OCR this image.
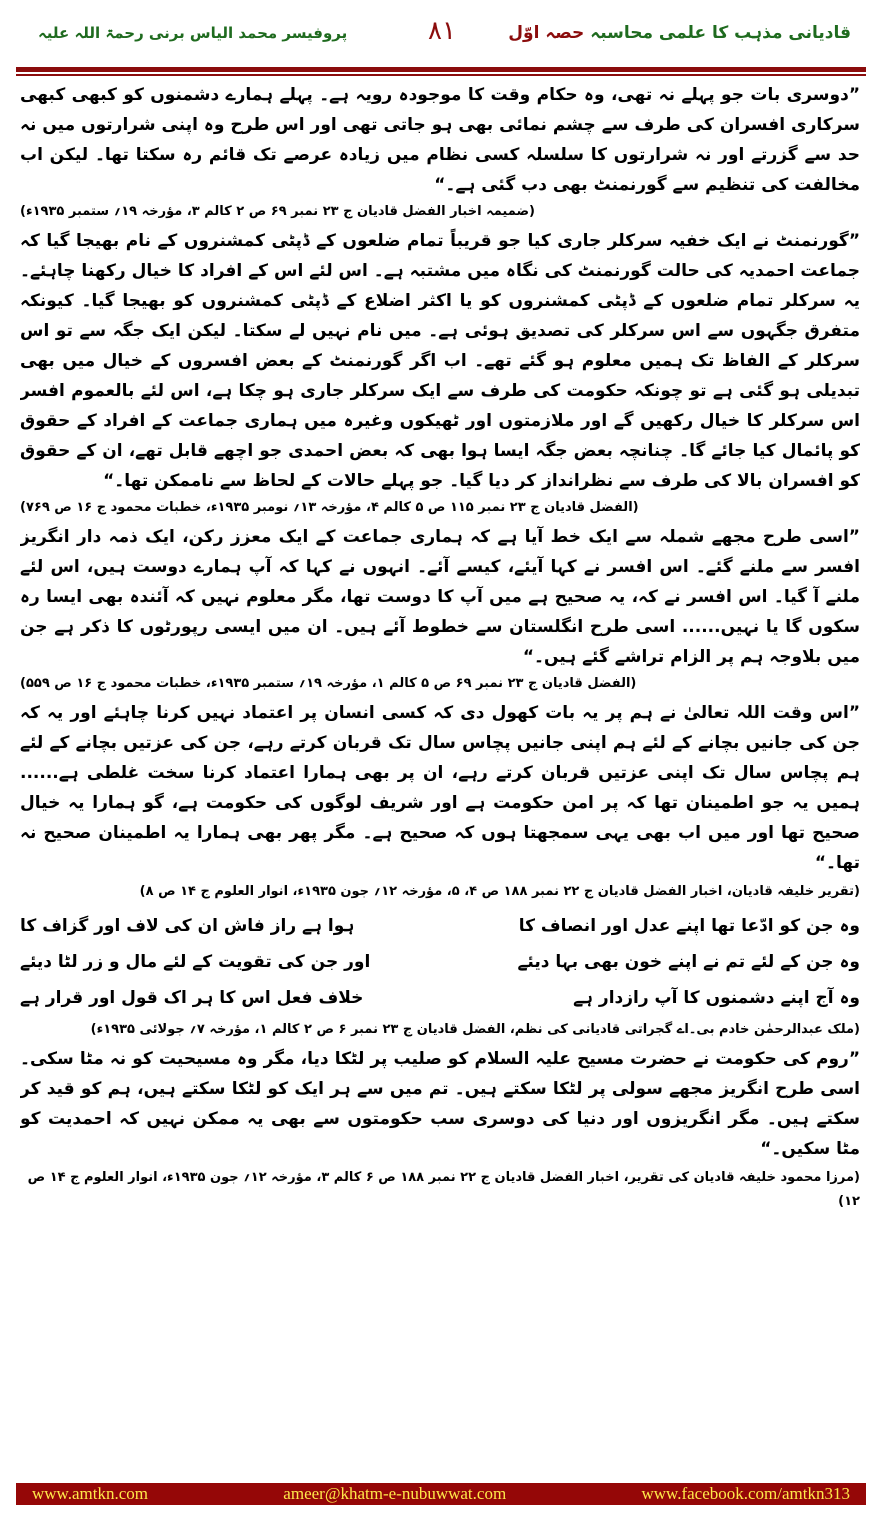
قادیانی مذہب کا علمی محاسبہ حصہ اوّل
۸۱
پروفیسر محمد الیاس برنی رحمۃ اللہ علیہ

”دوسری بات جو پہلے نہ تھی، وہ حکام وقت کا موجودہ رویہ ہے۔ پہلے ہمارے دشمنوں کو کبھی کبھی سرکاری افسران کی طرف سے چشم نمائی بھی ہو جاتی تھی اور اس طرح وہ اپنی شرارتوں میں نہ حد سے گزرتے اور نہ شرارتوں کا سلسلہ کسی نظام میں زیادہ عرصے تک قائم رہ سکتا تھا۔ لیکن اب مخالفت کی تنظیم سے گورنمنٹ بھی دب گئی ہے۔“

(ضمیمہ اخبار الفضل قادیان ج ۲۳ نمبر ۶۹ ص ۲ کالم ۳، مؤرخہ ۱۹؍ ستمبر ۱۹۳۵ء)

”گورنمنٹ نے ایک خفیہ سرکلر جاری کیا جو قریباً تمام ضلعوں کے ڈپٹی کمشنروں کے نام بھیجا گیا کہ جماعت احمدیہ کی حالت گورنمنٹ کی نگاہ میں مشتبہ ہے۔ اس لئے اس کے افراد کا خیال رکھنا چاہئے۔ یہ سرکلر تمام ضلعوں کے ڈپٹی کمشنروں کو یا اکثر اضلاع کے ڈپٹی کمشنروں کو بھیجا گیا۔ کیونکہ متفرق جگہوں سے اس سرکلر کی تصدیق ہوئی ہے۔ میں نام نہیں لے سکتا۔ لیکن ایک جگہ سے تو اس سرکلر کے الفاظ تک ہمیں معلوم ہو گئے تھے۔ اب اگر گورنمنٹ کے بعض افسروں کے خیال میں بھی تبدیلی ہو گئی ہے تو چونکہ حکومت کی طرف سے ایک سرکلر جاری ہو چکا ہے، اس لئے بالعموم افسر اس سرکلر کا خیال رکھیں گے اور ملازمتوں اور ٹھیکوں وغیرہ میں ہماری جماعت کے افراد کے حقوق کو پائمال کیا جائے گا۔ چنانچہ بعض جگہ ایسا ہوا بھی کہ بعض احمدی جو اچھے قابل تھے، ان کے حقوق کو افسران بالا کی طرف سے نظرانداز کر دیا گیا۔ جو پہلے حالات کے لحاظ سے ناممکن تھا۔“

(الفضل قادیان ج ۲۳ نمبر ۱۱۵ ص ۵ کالم ۴، مؤرخہ ۱۳؍ نومبر ۱۹۳۵ء، خطبات محمود ج ۱۶ ص ۷۶۹)

”اسی طرح مجھے شملہ سے ایک خط آیا ہے کہ ہماری جماعت کے ایک معزز رکن، ایک ذمہ دار انگریز افسر سے ملنے گئے۔ اس افسر نے کہا آیئے، کیسے آئے۔ انہوں نے کہا کہ آپ ہمارے دوست ہیں، اس لئے ملنے آ گیا۔ اس افسر نے کہ، یہ صحیح ہے میں آپ کا دوست تھا، مگر معلوم نہیں کہ آئندہ بھی ایسا رہ سکوں گا یا نہیں...... اسی طرح انگلستان سے خطوط آئے ہیں۔ ان میں ایسی رپورٹوں کا ذکر ہے جن میں بلاوجہ ہم پر الزام تراشے گئے ہیں۔“

(الفضل قادیان ج ۲۳ نمبر ۶۹ ص ۵ کالم ۱، مؤرخہ ۱۹؍ ستمبر ۱۹۳۵ء، خطبات محمود ج ۱۶ ص ۵۵۹)

”اس وقت اللہ تعالیٰ نے ہم پر یہ بات کھول دی کہ کسی انسان پر اعتماد نہیں کرنا چاہئے اور یہ کہ جن کی جانیں بچانے کے لئے ہم اپنی جانیں پچاس سال تک قربان کرتے رہے، جن کی عزتیں بچانے کے لئے ہم پچاس سال تک اپنی عزتیں قربان کرتے رہے، ان پر بھی ہمارا اعتماد کرنا سخت غلطی ہے...... ہمیں یہ جو اطمینان تھا کہ پر امن حکومت ہے اور شریف لوگوں کی حکومت ہے، گو ہمارا یہ خیال صحیح تھا اور میں اب بھی یہی سمجھتا ہوں کہ صحیح ہے۔ مگر پھر بھی ہمارا یہ اطمینان صحیح نہ تھا۔“

(تقریر خلیفہ قادیان، اخبار الفضل قادیان ج ۲۲ نمبر ۱۸۸ ص ۴، ۵، مؤرخہ ۱۲؍ جون ۱۹۳۵ء، انوار العلوم ج ۱۴ ص ۸)
وہ جن کو ادّعا تھا اپنے عدل اور انصاف کا
ہوا ہے راز فاش ان کی لاف اور گزاف کا
وہ جن کے لئے تم نے اپنے خون بھی بہا دیئے
اور جن کی تقویت کے لئے مال و زر لٹا دیئے
وہ آج اپنے دشمنوں کا آپ رازدار ہے
خلاف فعل اس کا ہر اک قول اور قرار ہے
(ملک عبدالرحمٰن خادم بی۔اے گجراتی قادیانی کی نظم، الفضل قادیان ج ۲۳ نمبر ۶ ص ۲ کالم ۱، مؤرخہ ۷؍ جولائی ۱۹۳۵ء)

”روم کی حکومت نے حضرت مسیح علیہ السلام کو صلیب پر لٹکا دیا، مگر وہ مسیحیت کو نہ مٹا سکی۔ اسی طرح انگریز مجھے سولی پر لٹکا سکتے ہیں۔ تم میں سے ہر ایک کو لٹکا سکتے ہیں، ہم کو قید کر سکتے ہیں۔ مگر انگریزوں اور دنیا کی دوسری سب حکومتوں سے بھی یہ ممکن نہیں کہ احمدیت کو مٹا سکیں۔“

(مرزا محمود خلیفہ قادیان کی تقریر، اخبار الفضل قادیان ج ۲۲ نمبر ۱۸۸ ص ۶ کالم ۳، مؤرخہ ۱۲؍ جون ۱۹۳۵ء، انوار العلوم ج ۱۴ ص ۱۲)
www.amtkn.com	ameer@khatm-e-nubuwwat.com	www.facebook.com/amtkn313
